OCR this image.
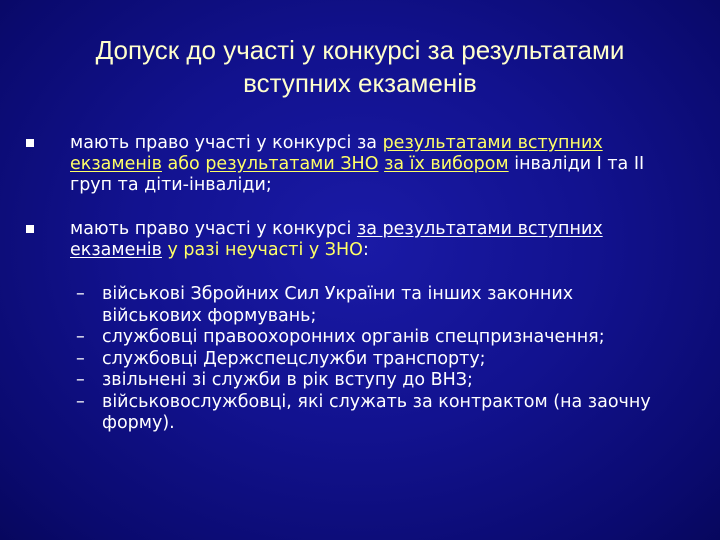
Допуск до участі у конкурсі за результатами
вступних екзаменів
мають право участі у конкурсі за результатами вступних екзаменів або результатами ЗНО за їх вибором інваліди І та ІІ груп та діти-інваліди;
мають право участі у конкурсі за результатами вступних екзаменів у разі неучасті у ЗНО:
– військові Збройних Сил України та інших законних військових формувань;
– службовці правоохоронних органів спецпризначення;
– службовці Держспецслужби транспорту;
– звільнені зі служби в рік вступу до ВНЗ;
– військовослужбовці, які служать за контрактом (на заочну форму).
